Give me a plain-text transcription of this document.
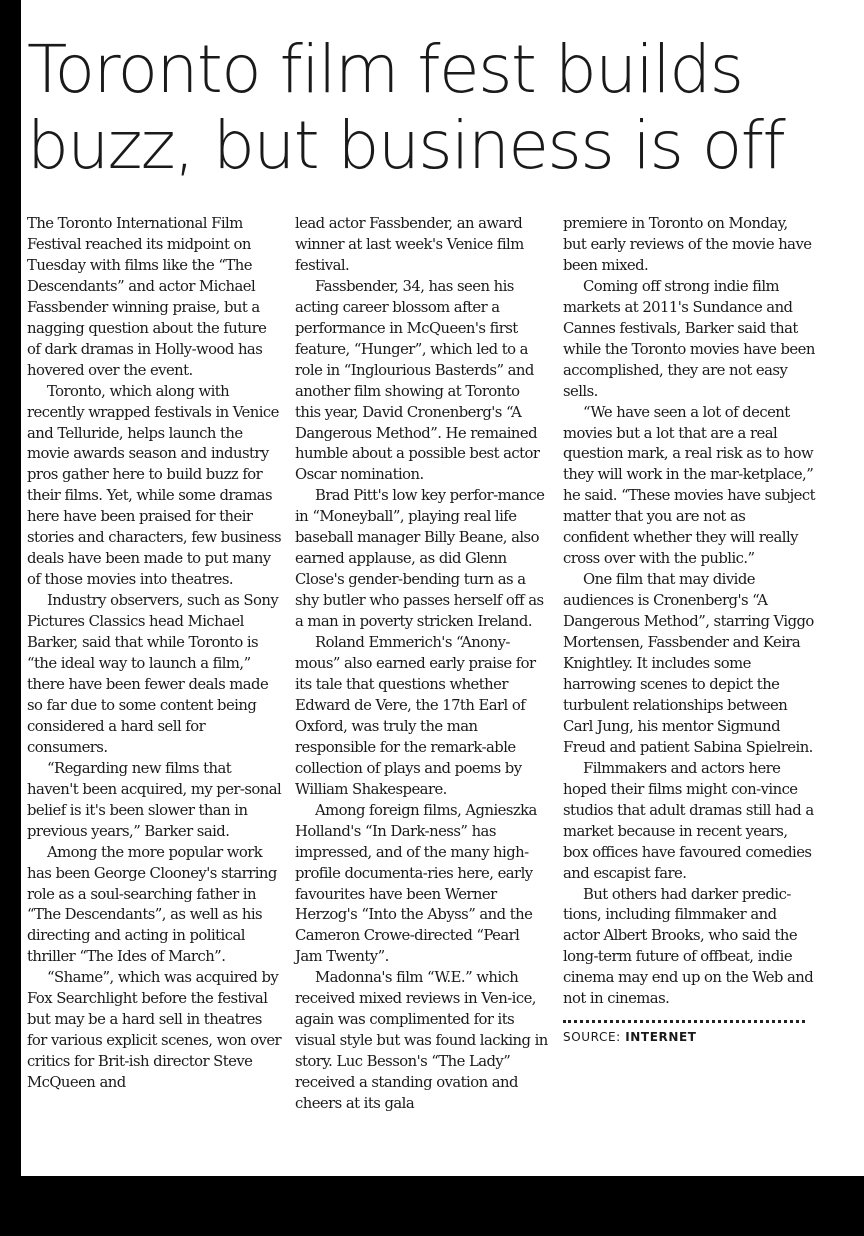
Toronto film fest builds buzz, but business is off

The Toronto International Film Festival reached its midpoint on Tuesday with films like the “The Descendants” and actor Michael Fassbender winning praise, but a nagging question about the future of dark dramas in Holly-wood has hovered over the event.

Toronto, which along with recently wrapped festivals in Venice and Telluride, helps launch the movie awards season and industry pros gather here to build buzz for their films. Yet, while some dramas here have been praised for their stories and characters, few business deals have been made to put many of those movies into theatres.

Industry observers, such as Sony Pictures Classics head Michael Barker, said that while Toronto is “the ideal way to launch a film,” there have been fewer deals made so far due to some content being considered a hard sell for consumers.

“Regarding new films that haven't been acquired, my per-sonal belief is it's been slower than in previous years,” Barker said.

Among the more popular work has been George Clooney's starring role as a soul-searching father in “The Descendants”, as well as his directing and acting in political thriller “The Ides of March”.

“Shame”, which was acquired by Fox Searchlight before the festival but may be a hard sell in theatres for various explicit scenes, won over critics for Brit-ish director Steve McQueen and

lead actor Fassbender, an award winner at last week's Venice film festival.

Fassbender, 34, has seen his acting career blossom after a performance in McQueen's first feature, “Hunger”, which led to a role in “Inglourious Basterds” and another film showing at Toronto this year, David Cronenberg's “A Dangerous Method”. He remained humble about a possible best actor Oscar nomination.

Brad Pitt's low key perfor-mance in “Moneyball”, playing real life baseball manager Billy Beane, also earned applause, as did Glenn Close's gender-bending turn as a shy butler who passes herself off as a man in poverty stricken Ireland.

Roland Emmerich's “Anony-mous” also earned early praise for its tale that questions whether Edward de Vere, the 17th Earl of Oxford, was truly the man responsible for the remark-able collection of plays and poems by William Shakespeare.

Among foreign films, Agnieszka Holland's “In Dark-ness” has impressed, and of the many high-profile documenta-ries here, early favourites have been Werner Herzog's “Into the Abyss” and the Cameron Crowe-directed “Pearl Jam Twenty”.

Madonna's film “W.E.” which received mixed reviews in Ven-ice, again was complimented for its visual style but was found lacking in story. Luc Besson's “The Lady” received a standing ovation and cheers at its gala

premiere in Toronto on Monday, but early reviews of the movie have been mixed.

Coming off strong indie film markets at 2011's Sundance and Cannes festivals, Barker said that while the Toronto movies have been accomplished, they are not easy sells.

“We have seen a lot of decent movies but a lot that are a real question mark, a real risk as to how they will work in the mar-ketplace,” he said. “These movies have subject matter that you are not as confident whether they will really cross over with the public.”

One film that may divide audiences is Cronenberg's “A Dangerous Method”, starring Viggo Mortensen, Fassbender and Keira Knightley. It includes some harrowing scenes to depict the turbulent relationships between Carl Jung, his mentor Sigmund Freud and patient Sabina Spielrein.

Filmmakers and actors here hoped their films might con-vince studios that adult dramas still had a market because in recent years, box offices have favoured comedies and escapist fare.

But others had darker predic-tions, including filmmaker and actor Albert Brooks, who said the long-term future of offbeat, indie cinema may end up on the Web and not in cinemas.

SOURCE: INTERNET
